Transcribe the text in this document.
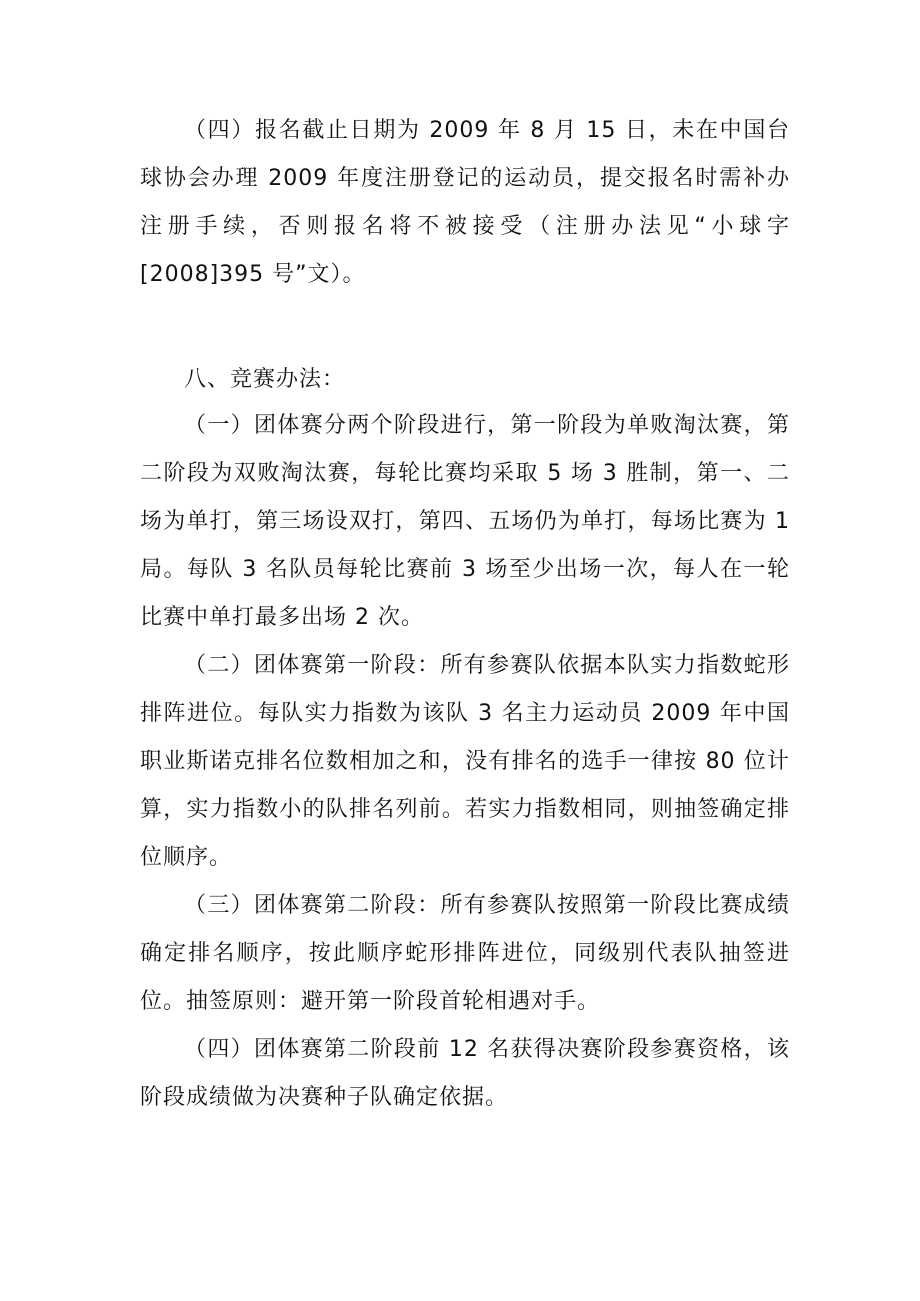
（四）报名截止日期为 2009 年 8 月 15 日，未在中国台球协会办理 2009 年度注册登记的运动员，提交报名时需补办注册手续，否则报名将不被接受（注册办法见“小球字[2008]395 号”文）。

八、竞赛办法：

（一）团体赛分两个阶段进行，第一阶段为单败淘汰赛，第二阶段为双败淘汰赛，每轮比赛均采取 5 场 3 胜制，第一、二场为单打，第三场设双打，第四、五场仍为单打，每场比赛为 1 局。每队 3 名队员每轮比赛前 3 场至少出场一次，每人在一轮比赛中单打最多出场 2 次。

（二）团体赛第一阶段：所有参赛队依据本队实力指数蛇形排阵进位。每队实力指数为该队 3 名主力运动员 2009 年中国职业斯诺克排名位数相加之和，没有排名的选手一律按 80 位计算，实力指数小的队排名列前。若实力指数相同，则抽签确定排位顺序。

（三）团体赛第二阶段：所有参赛队按照第一阶段比赛成绩确定排名顺序，按此顺序蛇形排阵进位，同级别代表队抽签进位。抽签原则：避开第一阶段首轮相遇对手。

（四）团体赛第二阶段前 12 名获得决赛阶段参赛资格，该阶段成绩做为决赛种子队确定依据。
